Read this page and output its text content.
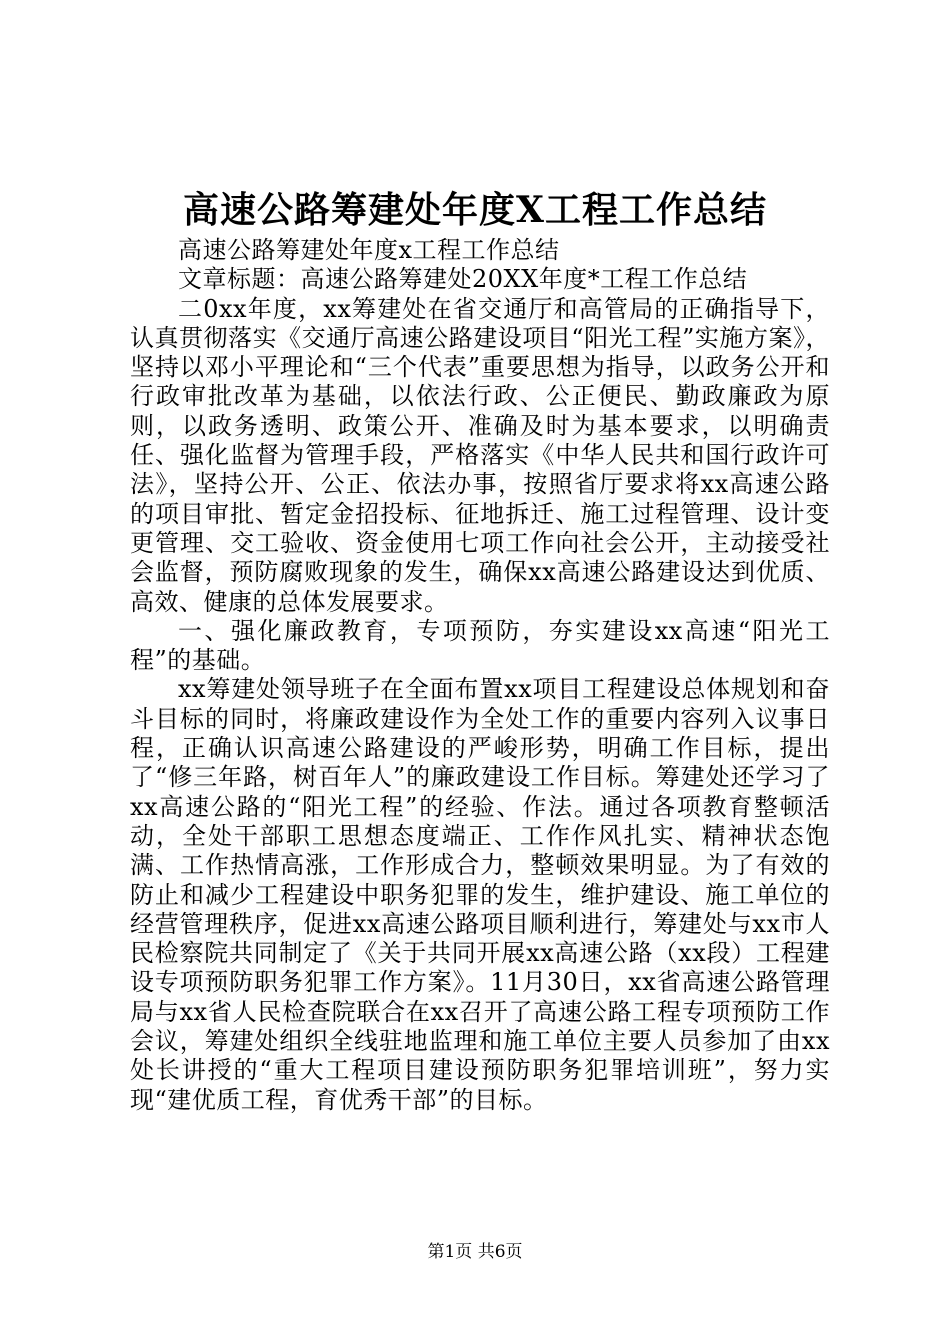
高速公路筹建处年度X工程工作总结

高速公路筹建处年度x工程工作总结

文章标题：高速公路筹建处20XX年度*工程工作总结

二0xx年度，xx筹建处在省交通厅和高管局的正确指导下，认真贯彻落实《交通厅高速公路建设项目“阳光工程”实施方案》，坚持以邓小平理论和“三个代表”重要思想为指导，以政务公开和行政审批改革为基础，以依法行政、公正便民、勤政廉政为原则，以政务透明、政策公开、准确及时为基本要求，以明确责任、强化监督为管理手段，严格落实《中华人民共和国行政许可法》，坚持公开、公正、依法办事，按照省厅要求将xx高速公路的项目审批、暂定金招投标、征地拆迁、施工过程管理、设计变更管理、交工验收、资金使用七项工作向社会公开，主动接受社会监督，预防腐败现象的发生，确保xx高速公路建设达到优质、高效、健康的总体发展要求。

一、强化廉政教育，专项预防，夯实建设xx高速“阳光工程”的基础。

xx筹建处领导班子在全面布置xx项目工程建设总体规划和奋斗目标的同时，将廉政建设作为全处工作的重要内容列入议事日程，正确认识高速公路建设的严峻形势，明确工作目标，提出了“修三年路，树百年人”的廉政建设工作目标。筹建处还学习了xx高速公路的“阳光工程”的经验、作法。通过各项教育整顿活动，全处干部职工思想态度端正、工作作风扎实、精神状态饱满、工作热情高涨，工作形成合力，整顿效果明显。为了有效的防止和减少工程建设中职务犯罪的发生，维护建设、施工单位的经营管理秩序，促进xx高速公路项目顺利进行，筹建处与xx市人民检察院共同制定了《关于共同开展xx高速公路（xx段）工程建设专项预防职务犯罪工作方案》。11月30日，xx省高速公路管理局与xx省人民检查院联合在xx召开了高速公路工程专项预防工作会议，筹建处组织全线驻地监理和施工单位主要人员参加了由xx处长讲授的“重大工程项目建设预防职务犯罪培训班”，努力实现“建优质工程，育优秀干部”的目标。

第1页 共6页
